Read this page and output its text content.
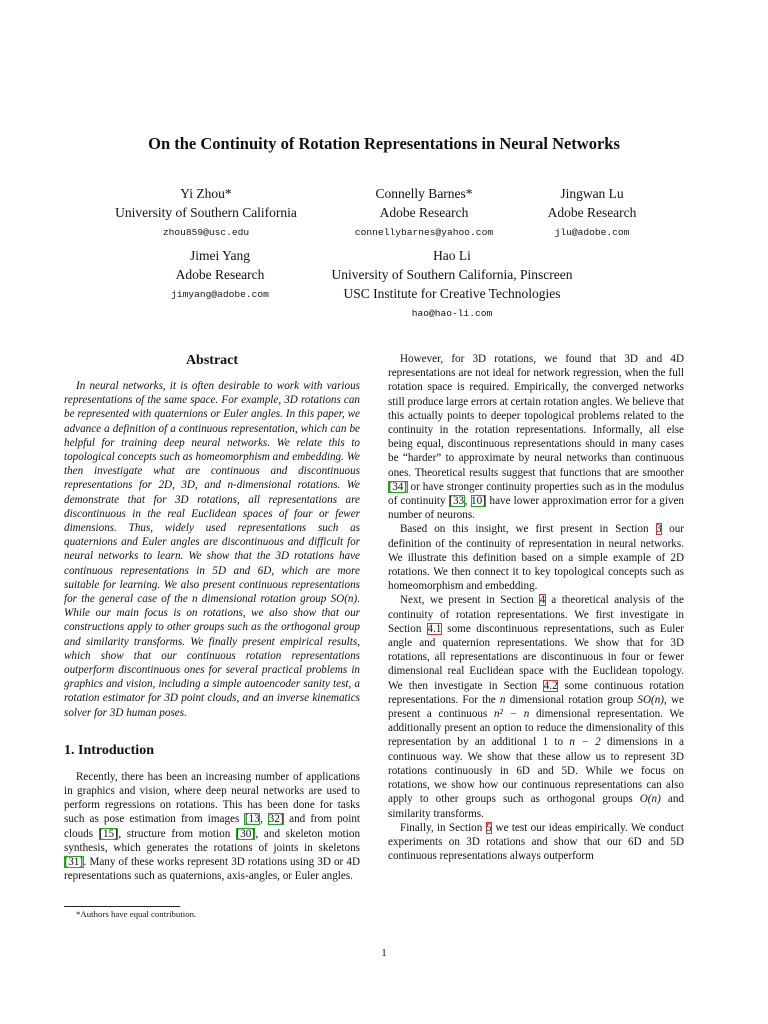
On the Continuity of Rotation Representations in Neural Networks
Yi Zhou*
University of Southern California
zhou859@usc.edu
Connelly Barnes*
Adobe Research
connellybarnes@yahoo.com
Jingwan Lu
Adobe Research
jlu@adobe.com
Jimei Yang
Adobe Research
jimyang@adobe.com
Hao Li
University of Southern California, Pinscreen
USC Institute for Creative Technologies
hao@hao-li.com
Abstract

In neural networks, it is often desirable to work with various representations of the same space. For example, 3D rotations can be represented with quaternions or Euler angles. In this paper, we advance a definition of a continuous representation, which can be helpful for training deep neural networks. We relate this to topological concepts such as homeomorphism and embedding. We then investigate what are continuous and discontinuous representations for 2D, 3D, and n-dimensional rotations. We demonstrate that for 3D rotations, all representations are discontinuous in the real Euclidean spaces of four or fewer dimensions. Thus, widely used representations such as quaternions and Euler angles are discontinuous and difficult for neural networks to learn. We show that the 3D rotations have continuous representations in 5D and 6D, which are more suitable for learning. We also present continuous representations for the general case of the n dimensional rotation group SO(n). While our main focus is on rotations, we also show that our constructions apply to other groups such as the orthogonal group and similarity transforms. We finally present empirical results, which show that our continuous rotation representations outperform discontinuous ones for several practical problems in graphics and vision, including a simple autoencoder sanity test, a rotation estimator for 3D point clouds, and an inverse kinematics solver for 3D human poses.

1. Introduction

Recently, there has been an increasing number of applications in graphics and vision, where deep neural networks are used to perform regressions on rotations. This has been done for tasks such as pose estimation from images [13, 32] and from point clouds [15], structure from motion [30], and skeleton motion synthesis, which generates the rotations of joints in skeletons [31]. Many of these works represent 3D rotations using 3D or 4D representations such as quaternions, axis-angles, or Euler angles.

However, for 3D rotations, we found that 3D and 4D representations are not ideal for network regression, when the full rotation space is required. Empirically, the converged networks still produce large errors at certain rotation angles. We believe that this actually points to deeper topological problems related to the continuity in the rotation representations. Informally, all else being equal, discontinuous representations should in many cases be “harder” to approximate by neural networks than continuous ones. Theoretical results suggest that functions that are smoother [34] or have stronger continuity properties such as in the modulus of continuity [33, 10] have lower approximation error for a given number of neurons.

Based on this insight, we first present in Section 3 our definition of the continuity of representation in neural networks. We illustrate this definition based on a simple example of 2D rotations. We then connect it to key topological concepts such as homeomorphism and embedding.

Next, we present in Section 4 a theoretical analysis of the continuity of rotation representations. We first investigate in Section 4.1 some discontinuous representations, such as Euler angle and quaternion representations. We show that for 3D rotations, all representations are discontinuous in four or fewer dimensional real Euclidean space with the Euclidean topology. We then investigate in Section 4.2 some continuous rotation representations. For the n dimensional rotation group SO(n), we present a continuous n² − n dimensional representation. We additionally present an option to reduce the dimensionality of this representation by an additional 1 to n − 2 dimensions in a continuous way. We show that these allow us to represent 3D rotations continuously in 6D and 5D. While we focus on rotations, we show how our continuous representations can also apply to other groups such as orthogonal groups O(n) and similarity transforms.

Finally, in Section 5 we test our ideas empirically. We conduct experiments on 3D rotations and show that our 6D and 5D continuous representations always outperform

*Authors have equal contribution.
1
